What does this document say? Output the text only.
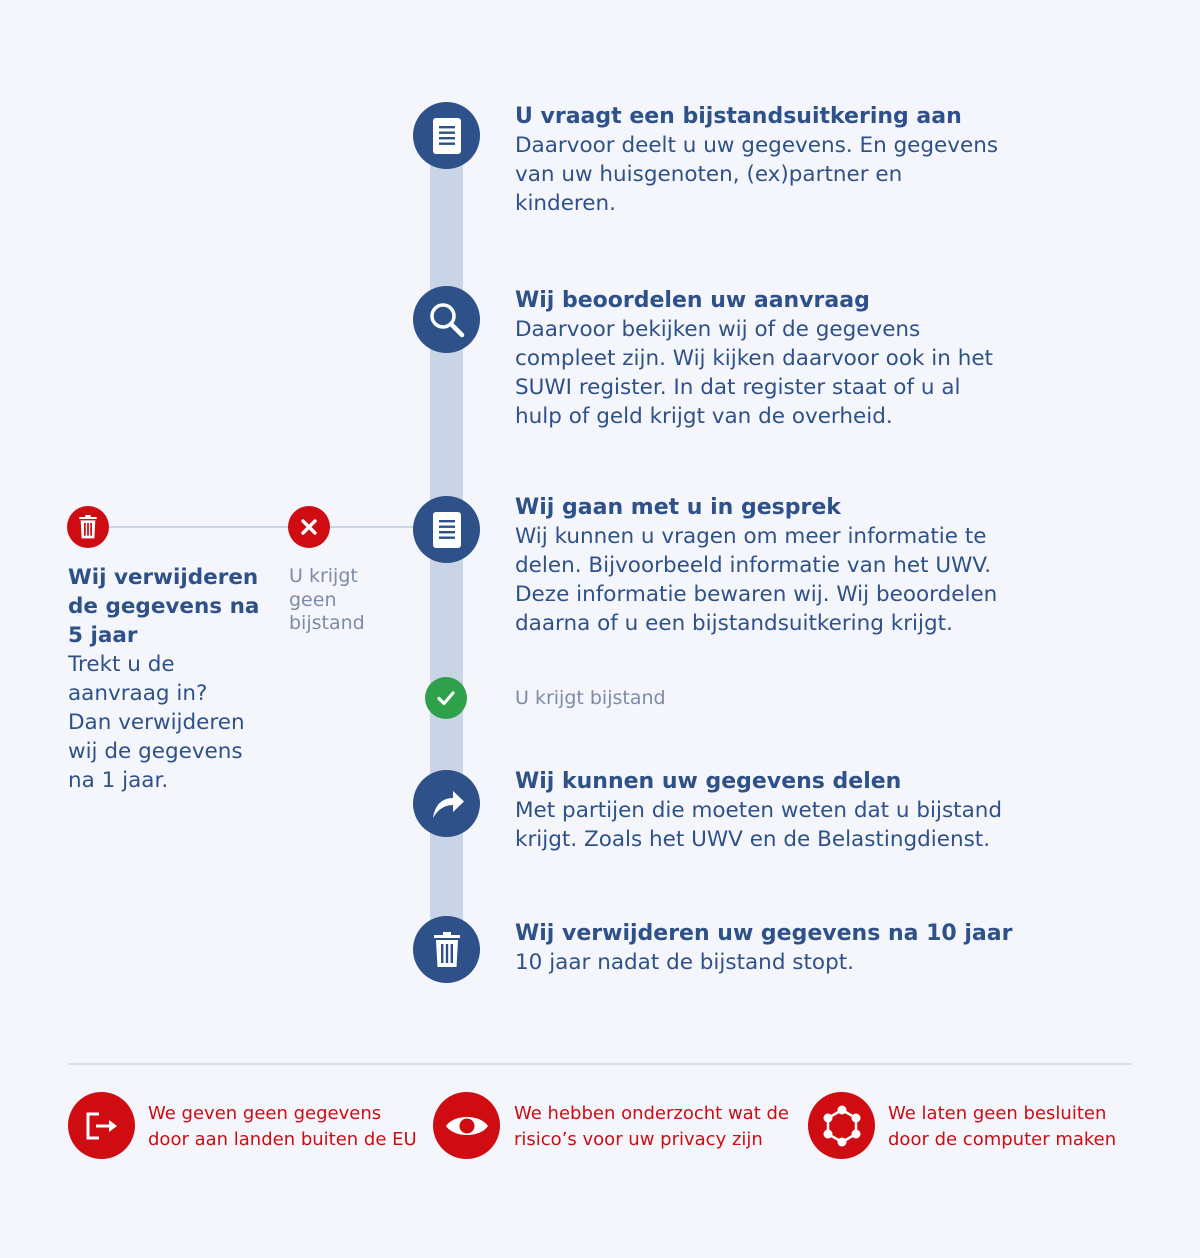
U vraagt een bijstandsuitkering aan
Daarvoor deelt u uw gegevens. En gegevens
van uw huisgenoten, (ex)partner en
kinderen.
Wij beoordelen uw aanvraag
Daarvoor bekijken wij of de gegevens
compleet zijn. Wij kijken daarvoor ook in het
SUWI register. In dat register staat of u al
hulp of geld krijgt van de overheid.
Wij gaan met u in gesprek
Wij kunnen u vragen om meer informatie te
delen. Bijvoorbeeld informatie van het UWV.
Deze informatie bewaren wij. Wij beoordelen
daarna of u een bijstandsuitkering krijgt.
U krijgt bijstand
Wij kunnen uw gegevens delen
Met partijen die moeten weten dat u bijstand
krijgt. Zoals het UWV en de Belastingdienst.
Wij verwijderen uw gegevens na 10 jaar
10 jaar nadat de bijstand stopt.
U krijgt
geen
bijstand
Wij verwijderen
de gegevens na
5 jaar
Trekt u de
aanvraag in?
Dan verwijderen
wij de gegevens
na 1 jaar.
We geven geen gegevens
door aan landen buiten de EU
We hebben onderzocht wat de
risico’s voor uw privacy zijn
We laten geen besluiten
door de computer maken
